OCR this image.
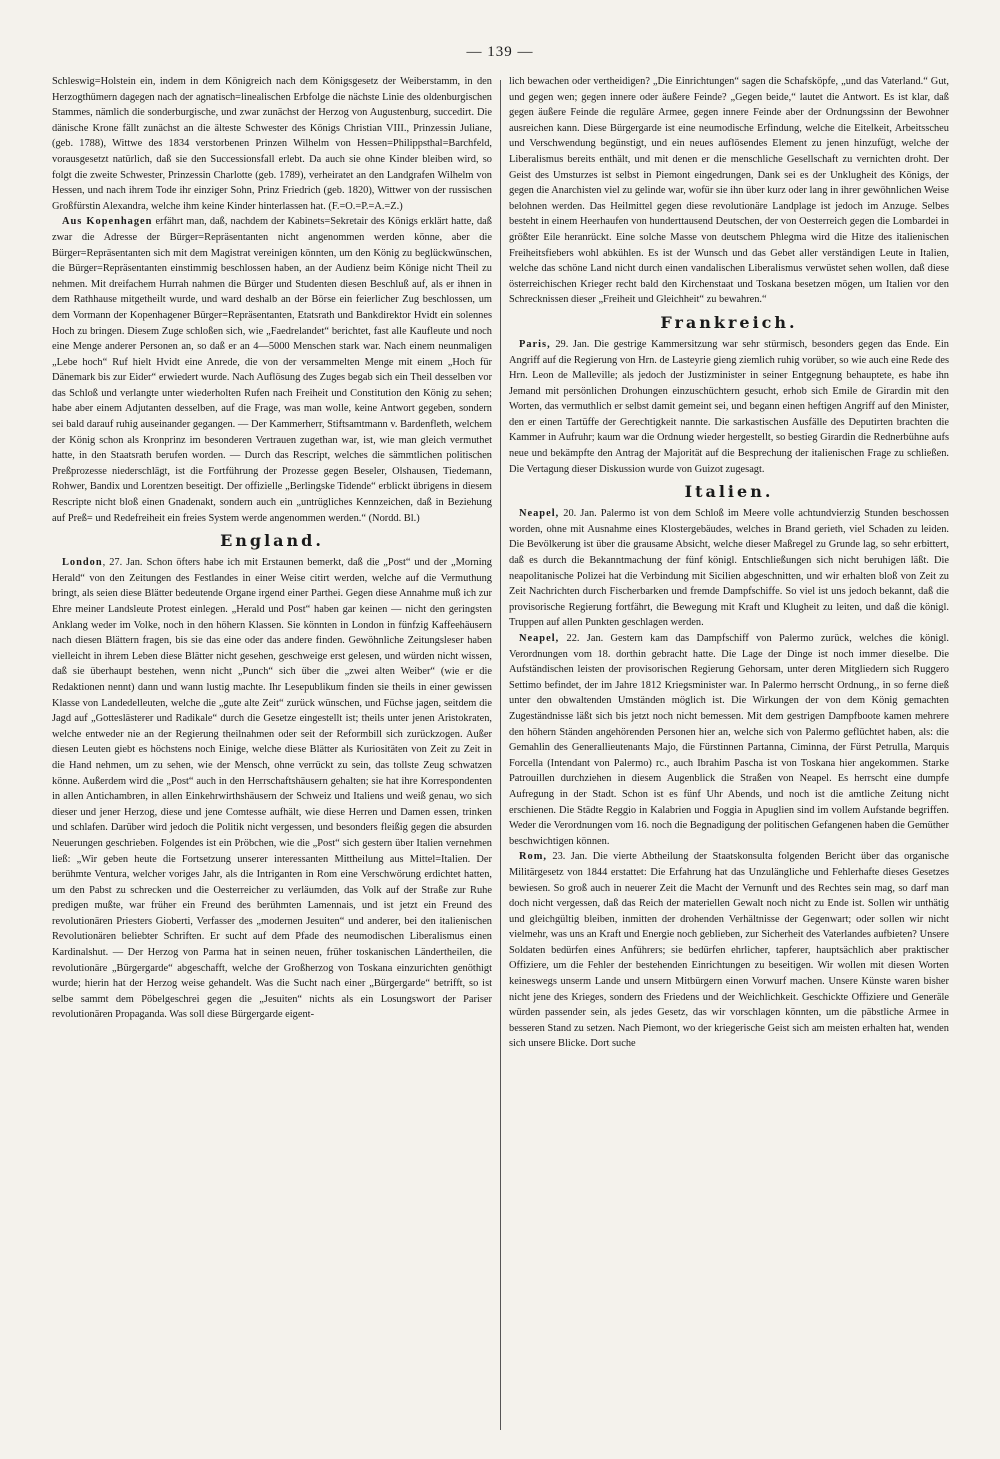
— 139 —

Schleswig=Holstein ein, indem in dem Königreich nach dem Königsgesetz der Weiberstamm, in den Herzogthümern dagegen nach der agnatisch=linealischen Erbfolge die nächste Linie des oldenburgischen Stammes, nämlich die sonderburgische, und zwar zunächst der Herzog von Augustenburg, succedirt. Die dänische Krone fällt zunächst an die älteste Schwester des Königs Christian VIII., Prinzessin Juliane, (geb. 1788), Wittwe des 1834 verstorbenen Prinzen Wilhelm von Hessen=Philippsthal=Barchfeld, vorausgesetzt natürlich, daß sie den Successionsfall erlebt. Da auch sie ohne Kinder bleiben wird, so folgt die zweite Schwester, Prinzessin Charlotte (geb. 1789), verheiratet an den Landgrafen Wilhelm von Hessen, und nach ihrem Tode ihr einziger Sohn, Prinz Friedrich (geb. 1820), Wittwer von der russischen Großfürstin Alexandra, welche ihm keine Kinder hinterlassen hat. (F.=O.=P.=A.=Z.)

Aus Kopenhagen erfährt man, daß, nachdem der Kabinets=Sekretair des Königs erklärt hatte, daß zwar die Adresse der Bürger=Repräsentanten nicht angenommen werden könne, aber die Bürger=Repräsentanten sich mit dem Magistrat vereinigen könnten, um den König zu beglückwünschen, die Bürger=Repräsentanten einstimmig beschlossen haben, an der Audienz beim Könige nicht Theil zu nehmen. Mit dreifachem Hurrah nahmen die Bürger und Studenten diesen Beschluß auf, als er ihnen in dem Rathhause mitgetheilt wurde, und ward deshalb an der Börse ein feierlicher Zug beschlossen, um dem Vormann der Kopenhagener Bürger=Repräsentanten, Etatsrath und Bankdirektor Hvidt ein solennes Hoch zu bringen. Diesem Zuge schloßen sich, wie „Faedrelandet“ berichtet, fast alle Kaufleute und noch eine Menge anderer Personen an, so daß er an 4—5000 Menschen stark war. Nach einem neunmaligen „Lebe hoch“ Ruf hielt Hvidt eine Anrede, die von der versammelten Menge mit einem „Hoch für Dänemark bis zur Eider“ erwiedert wurde. Nach Auflösung des Zuges begab sich ein Theil desselben vor das Schloß und verlangte unter wiederholten Rufen nach Freiheit und Constitution den König zu sehen; habe aber einem Adjutanten desselben, auf die Frage, was man wolle, keine Antwort gegeben, sondern sei bald darauf ruhig auseinander gegangen. — Der Kammerherr, Stiftsamtmann v. Bardenfleth, welchem der König schon als Kronprinz im besonderen Vertrauen zugethan war, ist, wie man gleich vermuthet hatte, in den Staatsrath berufen worden. — Durch das Rescript, welches die sämmtlichen politischen Preßprozesse niederschlägt, ist die Fortführung der Prozesse gegen Beseler, Olshausen, Tiedemann, Rohwer, Bandix und Lorentzen beseitigt. Der offizielle „Berlingske Tidende“ erblickt übrigens in diesem Rescripte nicht bloß einen Gnadenakt, sondern auch ein „untrügliches Kennzeichen, daß in Beziehung auf Preß= und Redefreiheit ein freies System werde angenommen werden.“ (Nordd. Bl.)

England.

London, 27. Jan. Schon öfters habe ich mit Erstaunen bemerkt, daß die „Post“ und der „Morning Herald“ von den Zeitungen des Festlandes in einer Weise citirt werden, welche auf die Vermuthung bringt, als seien diese Blätter bedeutende Organe irgend einer Parthei. Gegen diese Annahme muß ich zur Ehre meiner Landsleute Protest einlegen. „Herald und Post“ haben gar keinen — nicht den geringsten Anklang weder im Volke, noch in den höhern Klassen. Sie könnten in London in fünfzig Kaffeehäusern nach diesen Blättern fragen, bis sie das eine oder das andere finden. Gewöhnliche Zeitungsleser haben vielleicht in ihrem Leben diese Blätter nicht gesehen, geschweige erst gelesen, und würden nicht wissen, daß sie überhaupt bestehen, wenn nicht „Punch“ sich über die „zwei alten Weiber“ (wie er die Redaktionen nennt) dann und wann lustig machte. Ihr Lesepublikum finden sie theils in einer gewissen Klasse von Landedelleuten, welche die „gute alte Zeit“ zurück wünschen, und Füchse jagen, seitdem die Jagd auf „Gotteslästerer und Radikale“ durch die Gesetze eingestellt ist; theils unter jenen Aristokraten, welche entweder nie an der Regierung theilnahmen oder seit der Reformbill sich zurückzogen. Außer diesen Leuten giebt es höchstens noch Einige, welche diese Blätter als Kuriositäten von Zeit zu Zeit in die Hand nehmen, um zu sehen, wie der Mensch, ohne verrückt zu sein, das tollste Zeug schwatzen könne. Außerdem wird die „Post“ auch in den Herrschaftshäusern gehalten; sie hat ihre Korrespondenten in allen Antichambren, in allen Einkehrwirthshäusern der Schweiz und Italiens und weiß genau, wo sich dieser und jener Herzog, diese und jene Comtesse aufhält, wie diese Herren und Damen essen, trinken und schlafen. Darüber wird jedoch die Politik nicht vergessen, und besonders fleißig gegen die absurden Neuerungen geschrieben. Folgendes ist ein Pröbchen, wie die „Post“ sich gestern über Italien vernehmen ließ: „Wir geben heute die Fortsetzung unserer interessanten Mittheilung aus Mittel=Italien. Der berühmte Ventura, welcher voriges Jahr, als die Intriganten in Rom eine Verschwörung erdichtet hatten, um den Pabst zu schrecken und die Oesterreicher zu verläumden, das Volk auf der Straße zur Ruhe predigen mußte, war früher ein Freund des berühmten Lamennais, und ist jetzt ein Freund des revolutionären Priesters Gioberti, Verfasser des „modernen Jesuiten“ und anderer, bei den italienischen Revolutionären beliebter Schriften. Er sucht auf dem Pfade des neumodischen Liberalismus einen Kardinalshut. — Der Herzog von Parma hat in seinen neuen, früher toskanischen Ländertheilen, die revolutionäre „Bürgergarde“ abgeschafft, welche der Großherzog von Toskana einzurichten genöthigt wurde; hierin hat der Herzog weise gehandelt. Was die Sucht nach einer „Bürgergarde“ betrifft, so ist selbe sammt dem Pöbelgeschrei gegen die „Jesuiten“ nichts als ein Losungswort der Pariser revolutionären Propaganda. Was soll diese Bürgergarde eigent-

lich bewachen oder vertheidigen? „Die Einrichtungen“ sagen die Schafsköpfe, „und das Vaterland.“ Gut, und gegen wen; gegen innere oder äußere Feinde? „Gegen beide,“ lautet die Antwort. Es ist klar, daß gegen äußere Feinde die reguläre Armee, gegen innere Feinde aber der Ordnungssinn der Bewohner ausreichen kann. Diese Bürgergarde ist eine neumodische Erfindung, welche die Eitelkeit, Arbeitsscheu und Verschwendung begünstigt, und ein neues auflösendes Element zu jenen hinzufügt, welche der Liberalismus bereits enthält, und mit denen er die menschliche Gesellschaft zu vernichten droht. Der Geist des Umsturzes ist selbst in Piemont eingedrungen, Dank sei es der Unklugheit des Königs, der gegen die Anarchisten viel zu gelinde war, wofür sie ihn über kurz oder lang in ihrer gewöhnlichen Weise belohnen werden. Das Heilmittel gegen diese revolutionäre Landplage ist jedoch im Anzuge. Selbes besteht in einem Heerhaufen von hunderttausend Deutschen, der von Oesterreich gegen die Lombardei in größter Eile heranrückt. Eine solche Masse von deutschem Phlegma wird die Hitze des italienischen Freiheitsfiebers wohl abkühlen. Es ist der Wunsch und das Gebet aller verständigen Leute in Italien, welche das schöne Land nicht durch einen vandalischen Liberalismus verwüstet sehen wollen, daß diese österreichischen Krieger recht bald den Kirchenstaat und Toskana besetzen mögen, um Italien vor den Schrecknissen dieser „Freiheit und Gleichheit“ zu bewahren.“

Frankreich.

Paris, 29. Jan. Die gestrige Kammersitzung war sehr stürmisch, besonders gegen das Ende. Ein Angriff auf die Regierung von Hrn. de Lasteyrie gieng ziemlich ruhig vorüber, so wie auch eine Rede des Hrn. Leon de Malleville; als jedoch der Justizminister in seiner Entgegnung behauptete, es habe ihn Jemand mit persönlichen Drohungen einzuschüchtern gesucht, erhob sich Emile de Girardin mit den Worten, das vermuthlich er selbst damit gemeint sei, und begann einen heftigen Angriff auf den Minister, den er einen Tartüffe der Gerechtigkeit nannte. Die sarkastischen Ausfälle des Deputirten brachten die Kammer in Aufruhr; kaum war die Ordnung wieder hergestellt, so bestieg Girardin die Rednerbühne aufs neue und bekämpfte den Antrag der Majorität auf die Besprechung der italienischen Frage zu schließen. Die Vertagung dieser Diskussion wurde von Guizot zugesagt.

Italien.

Neapel, 20. Jan. Palermo ist von dem Schloß im Meere volle achtundvierzig Stunden beschossen worden, ohne mit Ausnahme eines Klostergebäudes, welches in Brand gerieth, viel Schaden zu leiden. Die Bevölkerung ist über die grausame Absicht, welche dieser Maßregel zu Grunde lag, so sehr erbittert, daß es durch die Bekanntmachung der fünf königl. Entschließungen sich nicht beruhigen läßt. Die neapolitanische Polizei hat die Verbindung mit Sicilien abgeschnitten, und wir erhalten bloß von Zeit zu Zeit Nachrichten durch Fischerbarken und fremde Dampfschiffe. So viel ist uns jedoch bekannt, daß die provisorische Regierung fortfährt, die Bewegung mit Kraft und Klugheit zu leiten, und daß die königl. Truppen auf allen Punkten geschlagen werden.

Neapel, 22. Jan. Gestern kam das Dampfschiff von Palermo zurück, welches die königl. Verordnungen vom 18. dorthin gebracht hatte. Die Lage der Dinge ist noch immer dieselbe. Die Aufständischen leisten der provisorischen Regierung Gehorsam, unter deren Mitgliedern sich Ruggero Settimo befindet, der im Jahre 1812 Kriegsminister war. In Palermo herrscht Ordnung,, in so ferne dieß unter den obwaltenden Umständen möglich ist. Die Wirkungen der von dem König gemachten Zugeständnisse läßt sich bis jetzt noch nicht bemessen. Mit dem gestrigen Dampfboote kamen mehrere den höhern Ständen angehörenden Personen hier an, welche sich von Palermo geflüchtet haben, als: die Gemahlin des Generallieutenants Majo, die Fürstinnen Partanna, Ciminna, der Fürst Petrulla, Marquis Forcella (Intendant von Palermo) rc., auch Ibrahim Pascha ist von Toskana hier angekommen. Starke Patrouillen durchziehen in diesem Augenblick die Straßen von Neapel. Es herrscht eine dumpfe Aufregung in der Stadt. Schon ist es fünf Uhr Abends, und noch ist die amtliche Zeitung nicht erschienen. Die Städte Reggio in Kalabrien und Foggia in Apuglien sind im vollem Aufstande begriffen. Weder die Verordnungen vom 16. noch die Begnadigung der politischen Gefangenen haben die Gemüther beschwichtigen können.

Rom, 23. Jan. Die vierte Abtheilung der Staatskonsulta folgenden Bericht über das organische Militärgesetz von 1844 erstattet: Die Erfahrung hat das Unzulängliche und Fehlerhafte dieses Gesetzes bewiesen. So groß auch in neuerer Zeit die Macht der Vernunft und des Rechtes sein mag, so darf man doch nicht vergessen, daß das Reich der materiellen Gewalt noch nicht zu Ende ist. Sollen wir unthätig und gleichgültig bleiben, inmitten der drohenden Verhältnisse der Gegenwart; oder sollen wir nicht vielmehr, was uns an Kraft und Energie noch geblieben, zur Sicherheit des Vaterlandes aufbieten? Unsere Soldaten bedürfen eines Anführers; sie bedürfen ehrlicher, tapferer, hauptsächlich aber praktischer Offiziere, um die Fehler der bestehenden Einrichtungen zu beseitigen. Wir wollen mit diesen Worten keineswegs unserm Lande und unsern Mitbürgern einen Vorwurf machen. Unsere Künste waren bisher nicht jene des Krieges, sondern des Friedens und der Weichlichkeit. Geschickte Offiziere und Generäle würden passender sein, als jedes Gesetz, das wir vorschlagen könnten, um die päbstliche Armee in besseren Stand zu setzen. Nach Piemont, wo der kriegerische Geist sich am meisten erhalten hat, wenden sich unsere Blicke. Dort suche
